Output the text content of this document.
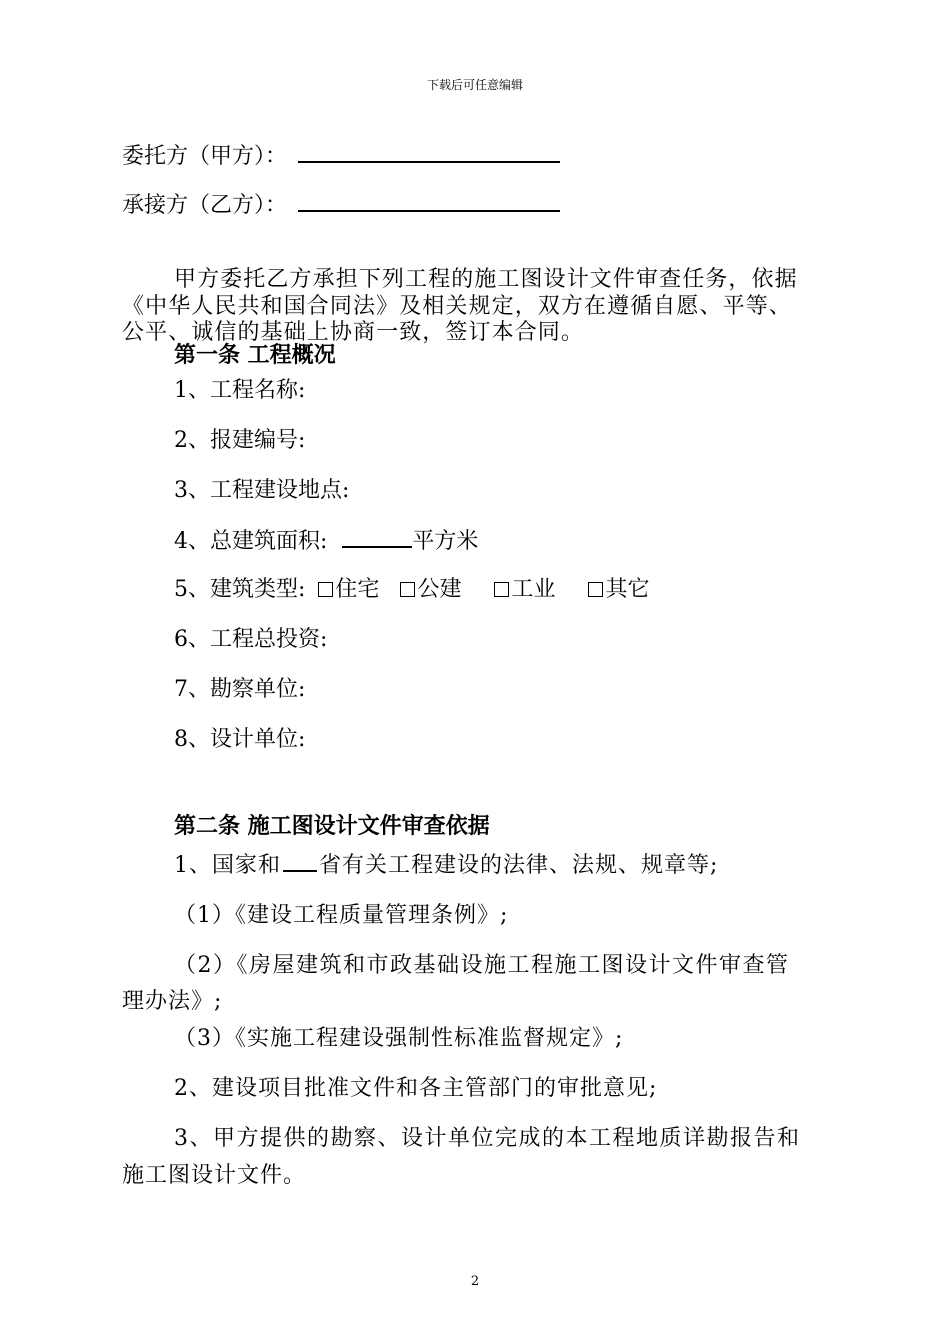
下载后可任意编辑
委托方（甲方）：
承接方（乙方）：
甲方委托乙方承担下列工程的施工图设计文件审查任务，依据
《中华人民共和国合同法》及相关规定，双方在遵循自愿、平等、
公平、诚信的基础上协商一致，签订本合同。
第一条 工程概况
1、工程名称:
2、报建编号:
3、工程建设地点:
4、总建筑面积:	平方米
5、建筑类型: 住宅 公建 工业 其它
6、工程总投资:
7、勘察单位:
8、设计单位:
第二条 施工图设计文件审查依据
1、国家和 省有关工程建设的法律、法规、规章等;
（1）《建设工程质量管理条例》;
（2）《房屋建筑和市政基础设施工程施工图设计文件审查管
理办法》;
（3）《实施工程建设强制性标准监督规定》;
2、建设项目批准文件和各主管部门的审批意见;
3、甲方提供的勘察、设计单位完成的本工程地质详勘报告和
施工图设计文件。
2
